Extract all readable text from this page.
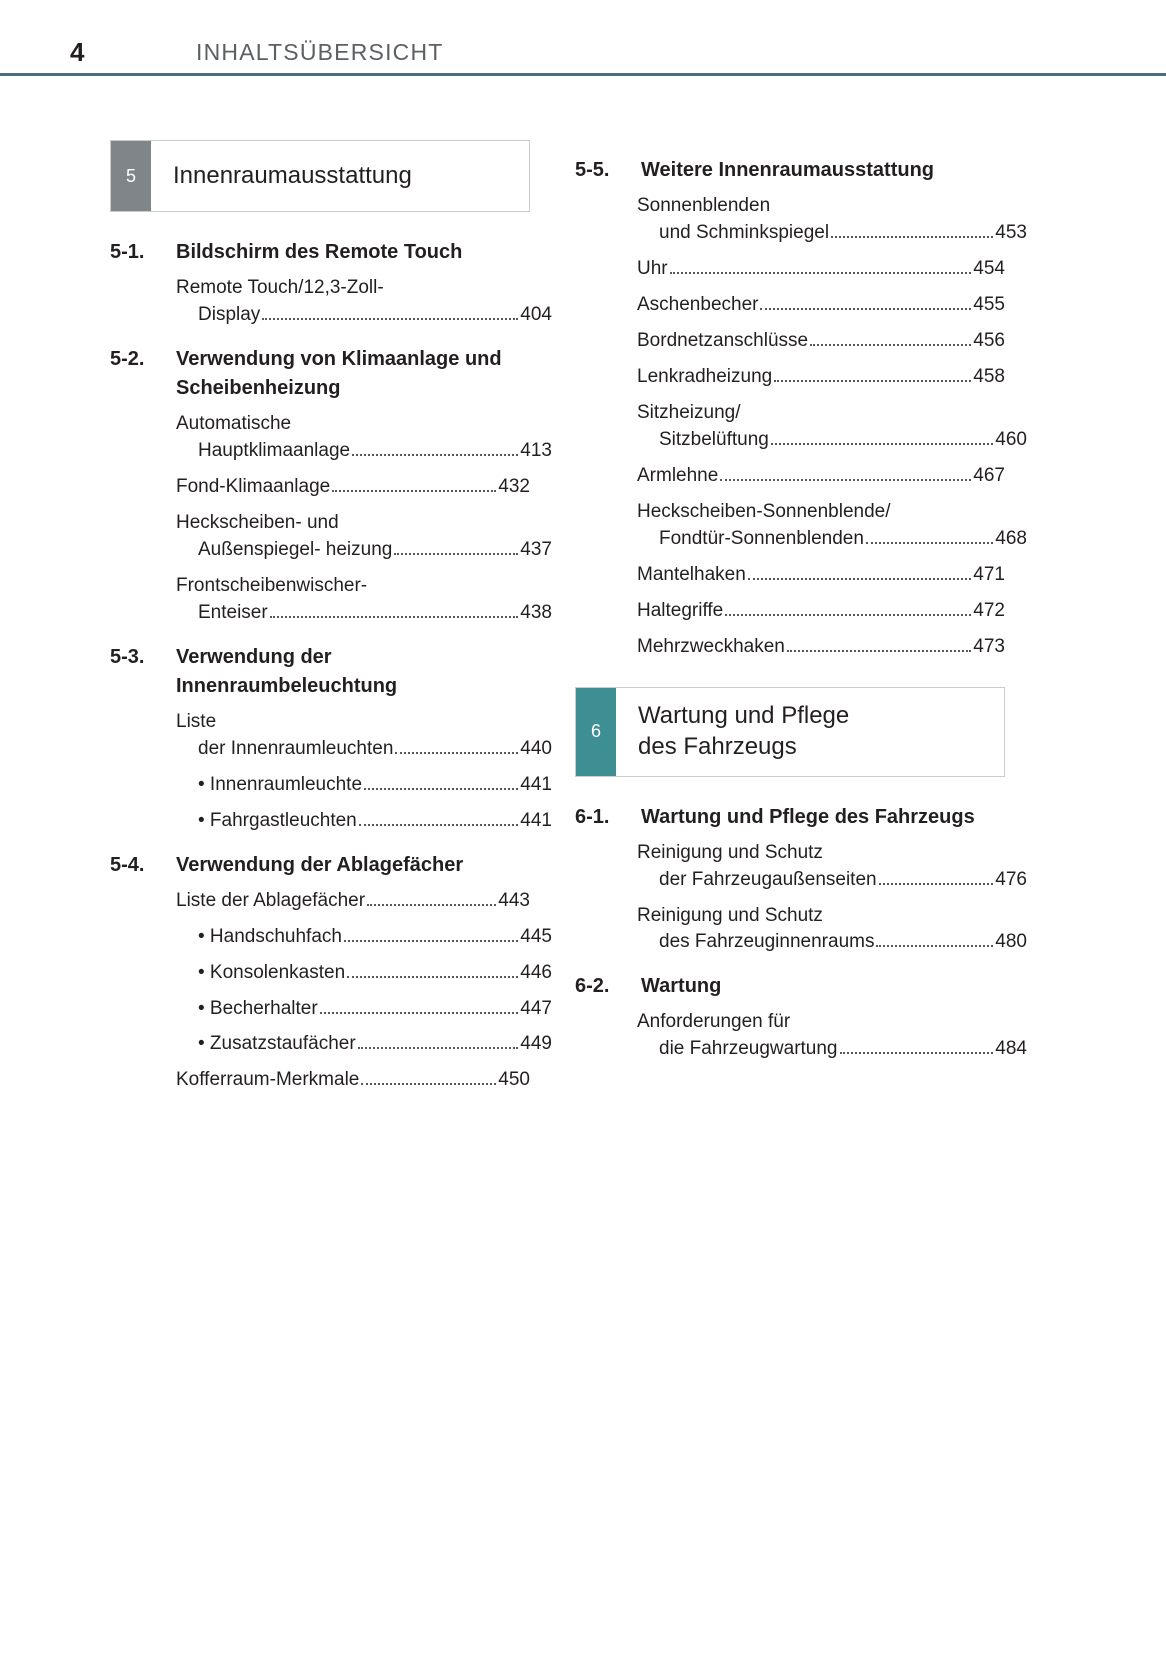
4	INHALTSÜBERSICHT
5	Innenraumausstattung
5-1.	Bildschirm des Remote Touch
Remote Touch/12,3-Zoll-
Display	404
5-2.	Verwendung von Klimaanlage und Scheibenheizung
Automatische
Hauptklimaanlage	413
Fond-Klimaanlage	432
Heckscheiben- und
Außenspiegel- heizung	437
Frontscheibenwischer-
Enteiser	438
5-3.	Verwendung der Innenraumbeleuchtung
Liste
der Innenraumleuchten	440
• Innenraumleuchte	441
• Fahrgastleuchten	441
5-4.	Verwendung der Ablagefächer
Liste der Ablagefächer	443
• Handschuhfach	445
• Konsolenkasten	446
• Becherhalter	447
• Zusatzstaufächer	449
Kofferraum-Merkmale	450
5-5.	Weitere Innenraumausstattung
Sonnenblenden
und Schminkspiegel	453
Uhr	454
Aschenbecher	455
Bordnetzanschlüsse	456
Lenkradheizung	458
Sitzheizung/
Sitzbelüftung	460
Armlehne	467
Heckscheiben-Sonnenblende/
Fondtür-Sonnenblenden	468
Mantelhaken	471
Haltegriffe	472
Mehrzweckhaken	473
6
Wartung und Pflege
des Fahrzeugs
6-1.	Wartung und Pflege des Fahrzeugs
Reinigung und Schutz
der Fahrzeugaußenseiten	476
Reinigung und Schutz
des Fahrzeuginnenraums	480
6-2.	Wartung
Anforderungen für
die Fahrzeugwartung	484
